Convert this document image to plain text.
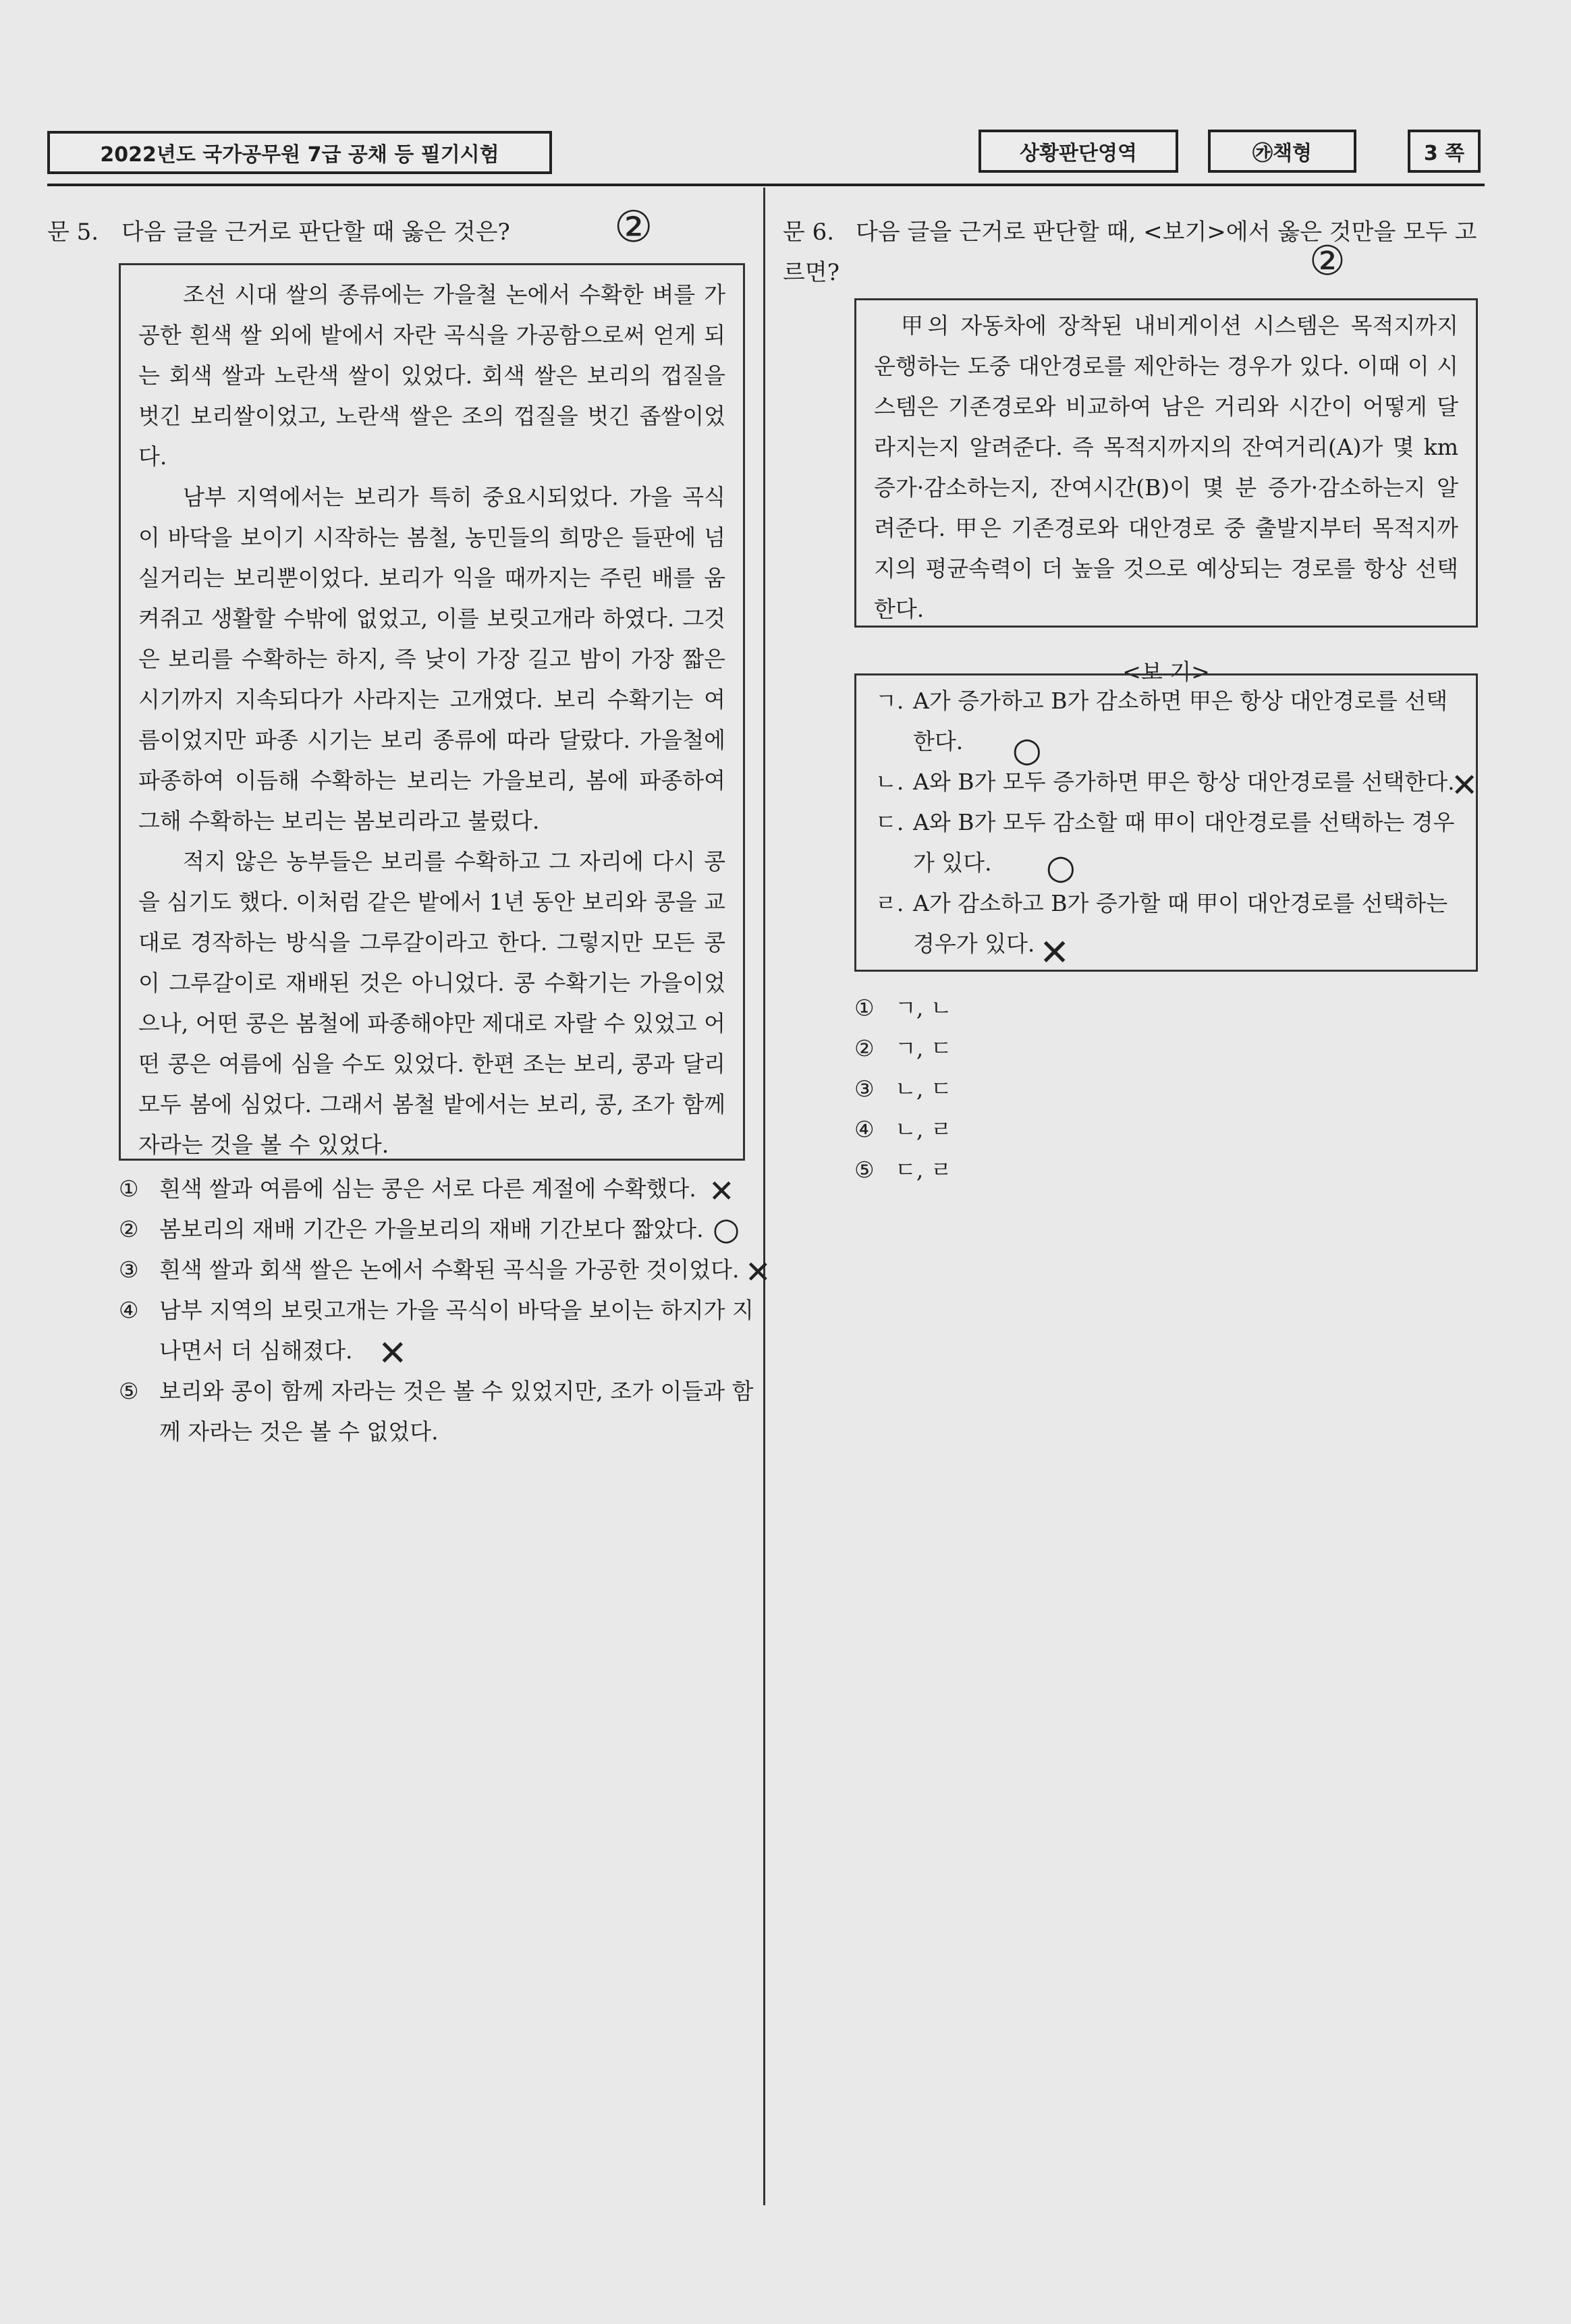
2022년도 국가공무원 7급 공채 등 필기시험	상황판단영역	㉮책형	3 쪽
문 5. 다음 글을 근거로 판단할 때 옳은 것은?	②

조선 시대 쌀의 종류에는 가을철 논에서 수확한 벼를 가공한 흰색 쌀 외에 밭에서 자란 곡식을 가공함으로써 얻게 되는 회색 쌀과 노란색 쌀이 있었다. 회색 쌀은 보리의 껍질을 벗긴 보리쌀이었고, 노란색 쌀은 조의 껍질을 벗긴 좁쌀이었다.

남부 지역에서는 보리가 특히 중요시되었다. 가을 곡식이 바닥을 보이기 시작하는 봄철, 농민들의 희망은 들판에 넘실거리는 보리뿐이었다. 보리가 익을 때까지는 주린 배를 움켜쥐고 생활할 수밖에 없었고, 이를 보릿고개라 하였다. 그것은 보리를 수확하는 하지, 즉 낮이 가장 길고 밤이 가장 짧은 시기까지 지속되다가 사라지는 고개였다. 보리 수확기는 여름이었지만 파종 시기는 보리 종류에 따라 달랐다. 가을철에 파종하여 이듬해 수확하는 보리는 가을보리, 봄에 파종하여 그해 수확하는 보리는 봄보리라고 불렀다.

적지 않은 농부들은 보리를 수확하고 그 자리에 다시 콩을 심기도 했다. 이처럼 같은 밭에서 1년 동안 보리와 콩을 교대로 경작하는 방식을 그루갈이라고 한다. 그렇지만 모든 콩이 그루갈이로 재배된 것은 아니었다. 콩 수확기는 가을이었으나, 어떤 콩은 봄철에 파종해야만 제대로 자랄 수 있었고 어떤 콩은 여름에 심을 수도 있었다. 한편 조는 보리, 콩과 달리 모두 봄에 심었다. 그래서 봄철 밭에서는 보리, 콩, 조가 함께 자라는 것을 볼 수 있었다.

① 흰색 쌀과 여름에 심는 콩은 서로 다른 계절에 수확했다.
② 봄보리의 재배 기간은 가을보리의 재배 기간보다 짧았다.
③ 흰색 쌀과 회색 쌀은 논에서 수확된 곡식을 가공한 것이었다.
④ 남부 지역의 보릿고개는 가을 곡식이 바닥을 보이는 하지가 지나면서 더 심해졌다.
⑤ 보리와 콩이 함께 자라는 것은 볼 수 있었지만, 조가 이들과 함께 자라는 것은 볼 수 없었다.
✕
○
✕
✕
문 6. 다음 글을 근거로 판단할 때, <보기>에서 옳은 것만을 모두 고르면?	②

甲의 자동차에 장착된 내비게이션 시스템은 목적지까지 운행하는 도중 대안경로를 제안하는 경우가 있다. 이때 이 시스템은 기존경로와 비교하여 남은 거리와 시간이 어떻게 달라지는지 알려준다. 즉 목적지까지의 잔여거리(A)가 몇 km 증가·감소하는지, 잔여시간(B)이 몇 분 증가·감소하는지 알려준다. 甲은 기존경로와 대안경로 중 출발지부터 목적지까지의 평균속력이 더 높을 것으로 예상되는 경로를 항상 선택한다.

<보 기>
ㄱ. A가 증가하고 B가 감소하면 甲은 항상 대안경로를 선택한다.
ㄴ. A와 B가 모두 증가하면 甲은 항상 대안경로를 선택한다.
ㄷ. A와 B가 모두 감소할 때 甲이 대안경로를 선택하는 경우가 있다.
ㄹ. A가 감소하고 B가 증가할 때 甲이 대안경로를 선택하는 경우가 있다.
○
✕
○
✕
① ㄱ, ㄴ
② ㄱ, ㄷ
③ ㄴ, ㄷ
④ ㄴ, ㄹ
⑤ ㄷ, ㄹ
